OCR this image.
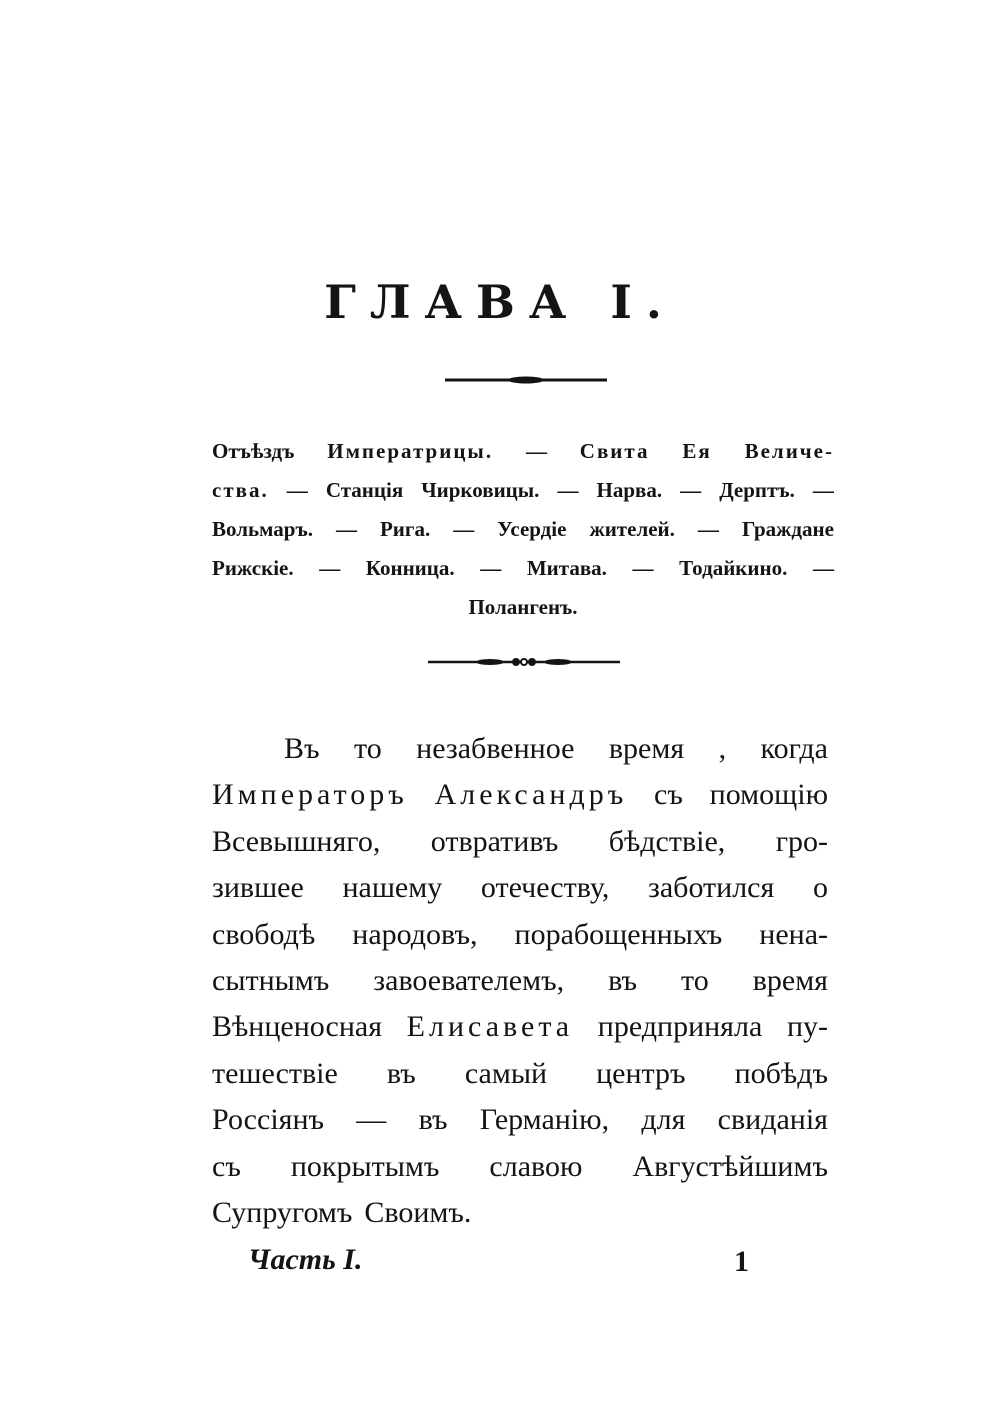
ГЛАВА I.
Отъѣздъ Императрицы. — Свита Ея Величе-
ства. — Станція Чирковицы. — Нарва. — Дерптъ. —
Вольмаръ. — Рига. — Усердіе жителей. — Граждане
Рижскіе. — Конница. — Митава. — Тодайкино. —
Полангенъ.
Въ то незабвенное время , когда
Императоръ Александръ съ помощію
Всевышняго, отвративъ бѣдствіе, гро-
зившее нашему отечеству, заботился о
свободѣ народовъ, порабощенныхъ нена-
сытнымъ завоевателемъ, въ то время
Вѣнценосная Елисавета предприняла пу-
тешествіе въ самый центръ побѣдъ
Россіянъ — въ Германію, для свиданія
съ покрытымъ славою Августѣйшимъ
Супругомъ Своимъ.
Часть I.	1
